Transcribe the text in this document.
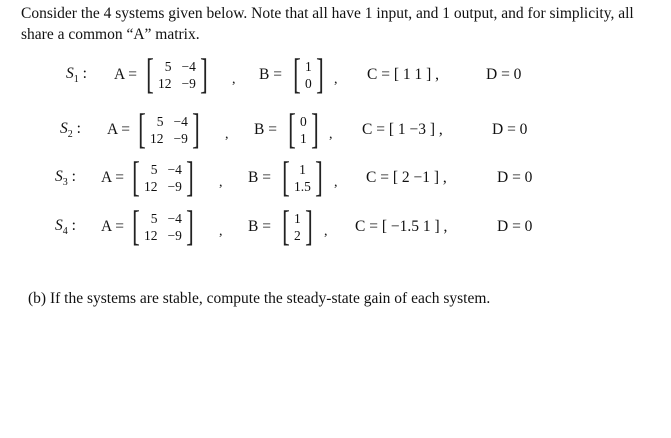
Consider the 4 systems given below. Note that all have 1 input, and 1 output, and for simplicity, all share a common “A” matrix.
$S_1$ : A = [ 5 −4
12 −9 ] , B = [ 1
0 ] , C = [ 1 1 ] ,	D = 0
$S_2$ : A = [ 5 −4
12 −9 ] , B = [ 0
1 ] , C = [ 1 −3 ] ,	D = 0
$S_3$ : A = [ 5 −4
12 −9 ] , B = [ 1
1.5 ] , C = [ 2 −1 ] ,	D = 0
$S_4$ : A = [ 5 −4
12 −9 ] , B = [ 1
2 ] , C = [ −1.5 1 ] ,	D = 0
(b) If the systems are stable, compute the steady-state gain of each system.
